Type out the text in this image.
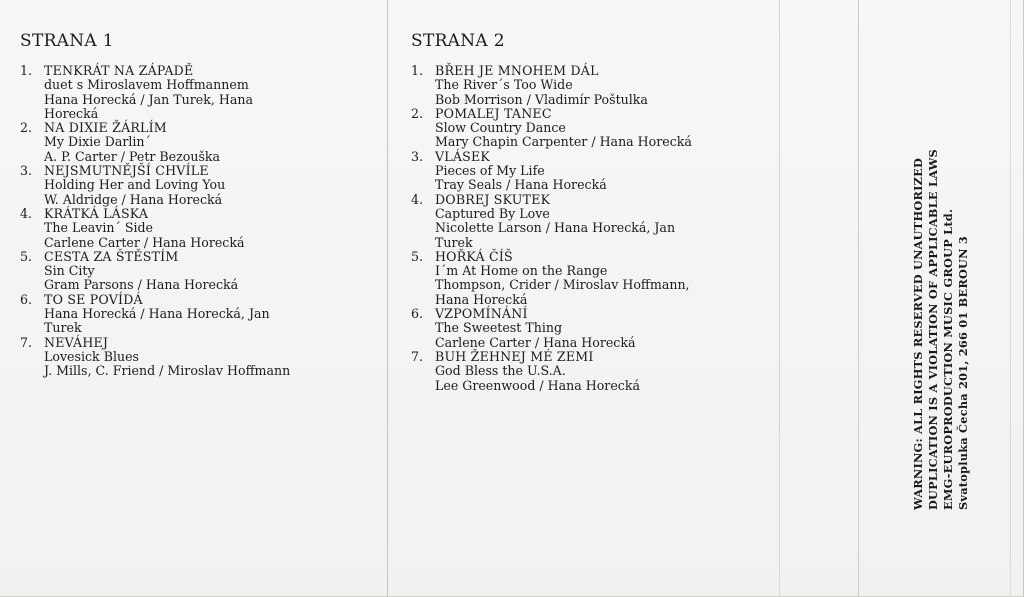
STRANA 1
1. TENKRÁT NA ZÁPADĚ
duet s Miroslavem Hoffmannem
Hana Horecká / Jan Turek, Hana
Horecká
2. NA DIXIE ŽÁRLÍM
My Dixie Darlin´
A. P. Carter / Petr Bezouška
3. NEJSMUTNĚJŠÍ CHVÍLE
Holding Her and Loving You
W. Aldridge / Hana Horecká
4. KRÁTKÁ LÁSKA
The Leavin´ Side
Carlene Carter / Hana Horecká
5. CESTA ZA ŠTĚSTÍM
Sin City
Gram Parsons / Hana Horecká
6. TO SE POVÍDÁ
Hana Horecká / Hana Horecká, Jan
Turek
7. NEVÁHEJ
Lovesick Blues
J. Mills, C. Friend / Miroslav Hoffmann
STRANA 2
1. BŘEH JE MNOHEM DÁL
The River´s Too Wide
Bob Morrison / Vladimír Poštulka
2. POMALEJ TANEC
Slow Country Dance
Mary Chapin Carpenter / Hana Horecká
3. VLÁSEK
Pieces of My Life
Tray Seals / Hana Horecká
4. DOBREJ SKUTEK
Captured By Love
Nicolette Larson / Hana Horecká, Jan
Turek
5. HOŘKÁ ČÍŠ
I´m At Home on the Range
Thompson, Crider / Miroslav Hoffmann,
Hana Horecká
6. VZPOMÍNÁNÍ
The Sweetest Thing
Carlene Carter / Hana Horecká
7. BUH ŽEHNEJ MÉ ZEMI
God Bless the U.S.A.
Lee Greenwood / Hana Horecká	WARNING: ALL RIGHTS RESERVED UNAUTHORIZED DUPLICATION IS A VIOLATION OF APPLICABLE LAWS EMG-EUROPRODUCTION MUSIC GROUP Ltd. Svatopluka Čecha 201, 266 01 BEROUN 3
